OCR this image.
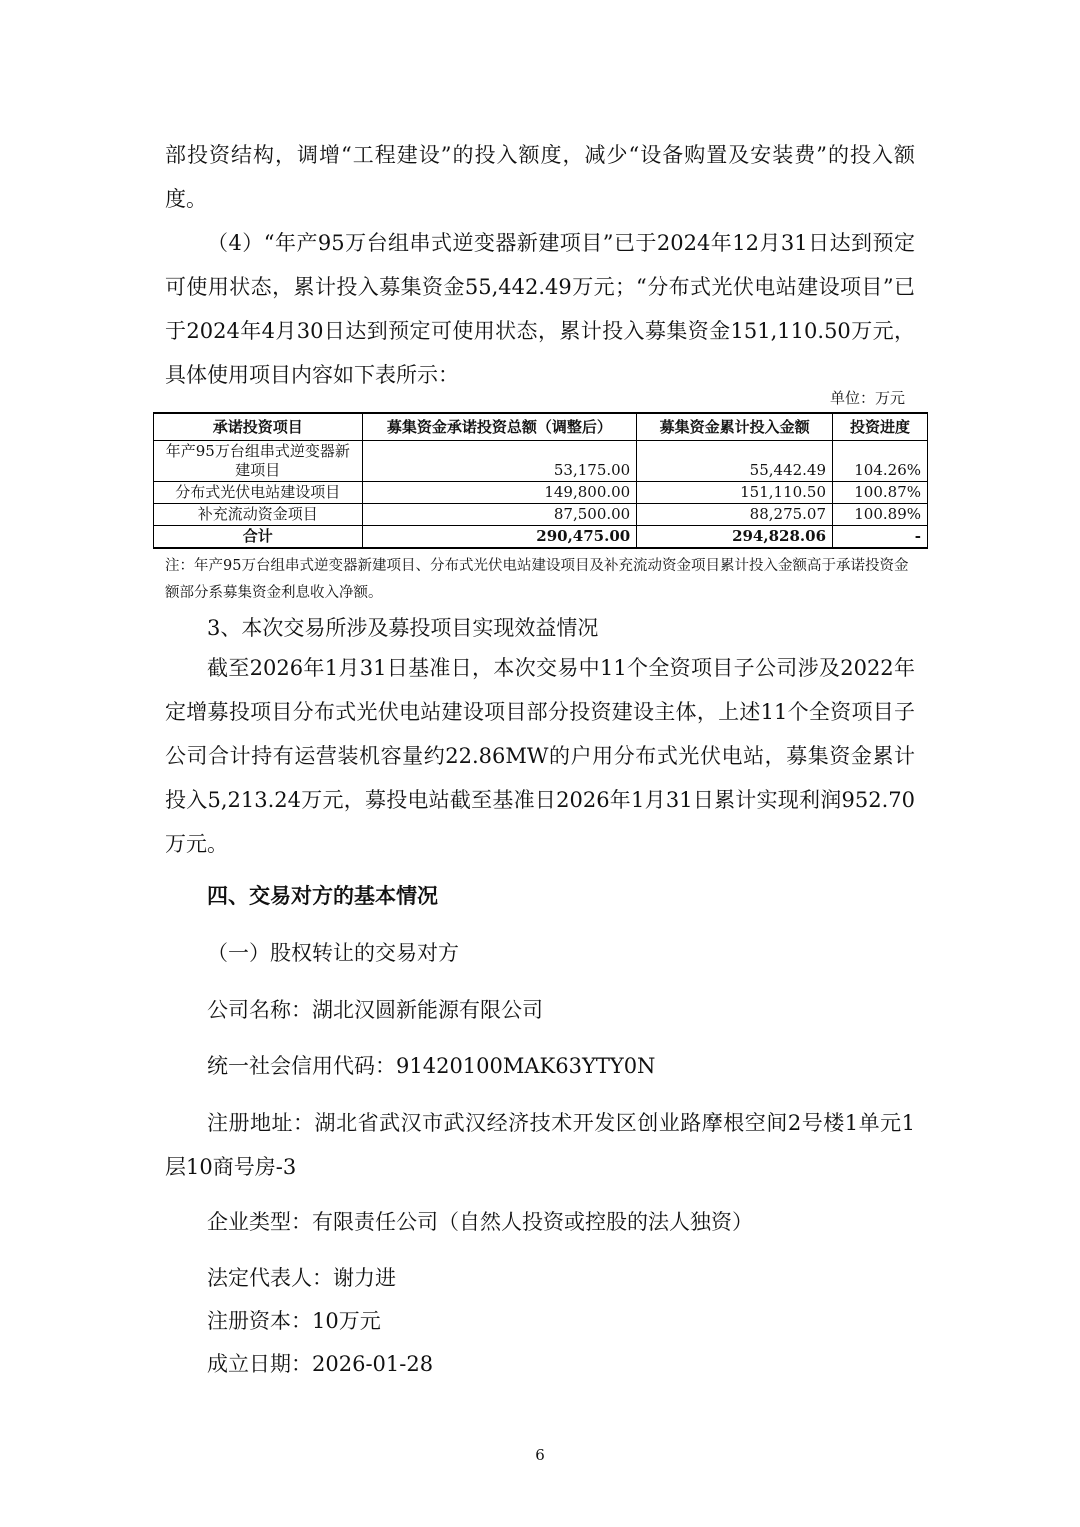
部投资结构，调增“工程建设”的投入额度，减少“设备购置及安装费”的投入额度。

（4）“年产95万台组串式逆变器新建项目”已于2024年12月31日达到预定可使用状态，累计投入募集资金55,442.49万元；“分布式光伏电站建设项目”已于2024年4月30日达到预定可使用状态，累计投入募集资金151,110.50万元，具体使用项目内容如下表所示：

单位：万元
承诺投资项目	募集资金承诺投资总额（调整后）	募集资金累计投入金额	投资进度
年产95万台组串式逆变器新建项目	53,175.00	55,442.49	104.26%
分布式光伏电站建设项目	149,800.00	151,110.50	100.87%
补充流动资金项目	87,500.00	88,275.07	100.89%
合计	290,475.00	294,828.06	-

注：年产95万台组串式逆变器新建项目、分布式光伏电站建设项目及补充流动资金项目累计投入金额高于承诺投资金额部分系募集资金利息收入净额。

3、本次交易所涉及募投项目实现效益情况

截至2026年1月31日基准日，本次交易中11个全资项目子公司涉及2022年定增募投项目分布式光伏电站建设项目部分投资建设主体，上述11个全资项目子公司合计持有运营装机容量约22.86MW的户用分布式光伏电站，募集资金累计投入5,213.24万元，募投电站截至基准日2026年1月31日累计实现利润952.70万元。

四、交易对方的基本情况
（一）股权转让的交易对方
公司名称：湖北汉圆新能源有限公司
统一社会信用代码：91420100MAK63YTY0N

注册地址：湖北省武汉市武汉经济技术开发区创业路摩根空间2号楼1单元1层10商号房-3

企业类型：有限责任公司（自然人投资或控股的法人独资）
法定代表人：谢力进
注册资本：10万元
成立日期：2026-01-28
6
